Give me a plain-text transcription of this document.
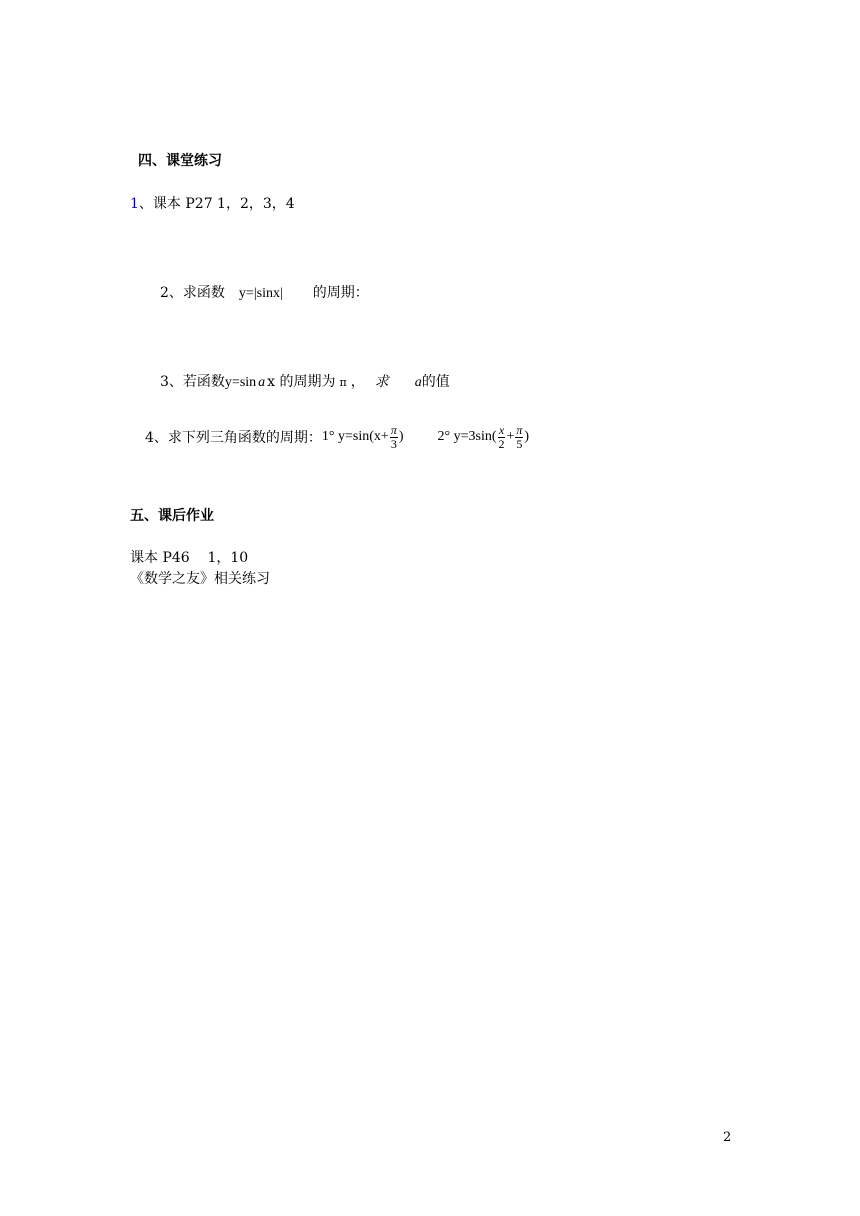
四、课堂练习
1、课本 P27 1，2，3，4
2、求函数 y=|sinx| 的周期：
3、若函数y=sin a x 的周期为 π ， 求 a的值
4、求下列三角函数的周期： 1° $y=\sin(x+ \frac{\pi}{3}$ ) 2° $y=3\sin( \frac{x}{2} + \frac{\pi}{5}$ )
五、课后作业
课本 P46    1，10
《数学之友》相关练习
2
